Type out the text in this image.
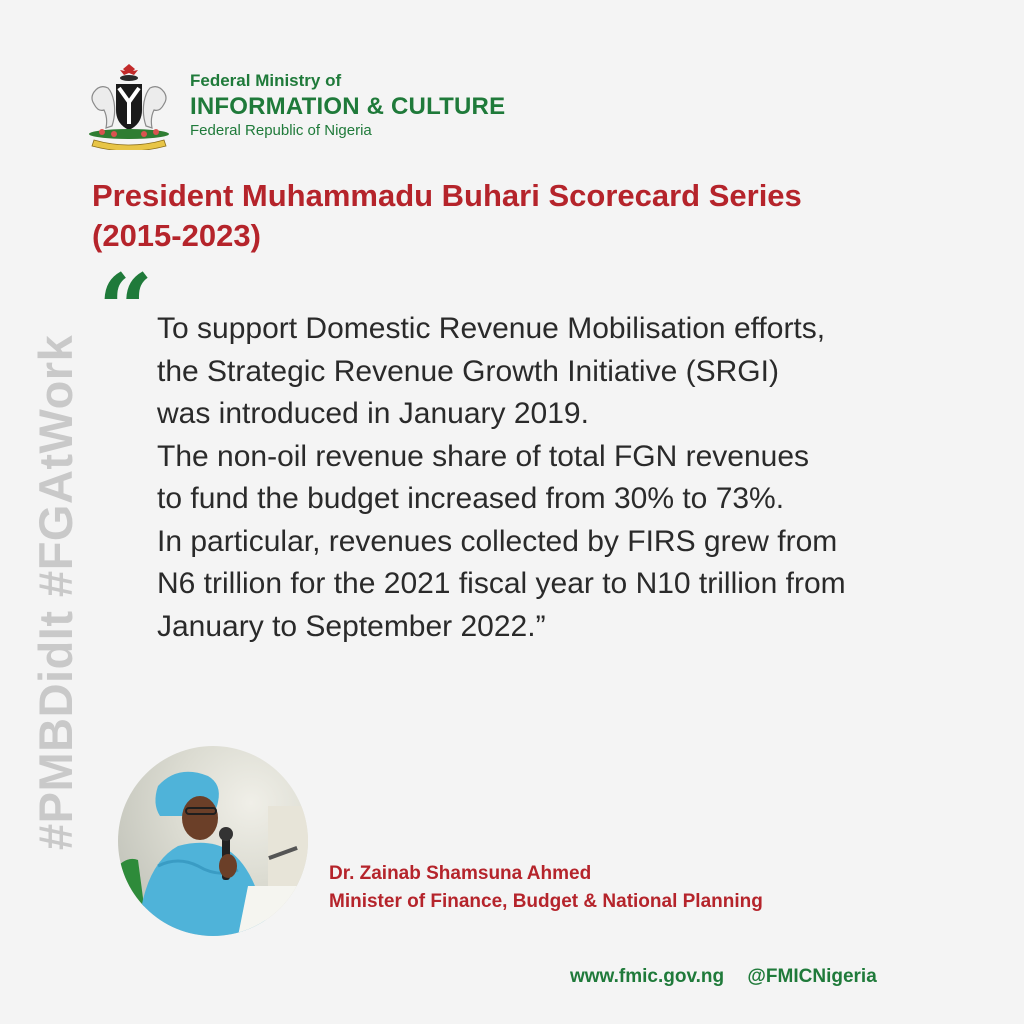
Federal Ministry of
INFORMATION & CULTURE
Federal Republic of Nigeria
President Muhammadu Buhari Scorecard Series
(2015-2023)
#PMBDidIt #FGAtWork
“ To support Domestic Revenue Mobilisation efforts,
the Strategic Revenue Growth Initiative (SRGI)
was introduced in January 2019.
The non-oil revenue share of total FGN revenues
to fund the budget increased from 30% to 73%.
In particular, revenues collected by FIRS grew from
N6 trillion for the 2021 fiscal year to N10 trillion from
January to September 2022.”
Dr. Zainab Shamsuna Ahmed
Minister of Finance, Budget & National Planning
www.fmic.gov.ng @FMICNigeria
